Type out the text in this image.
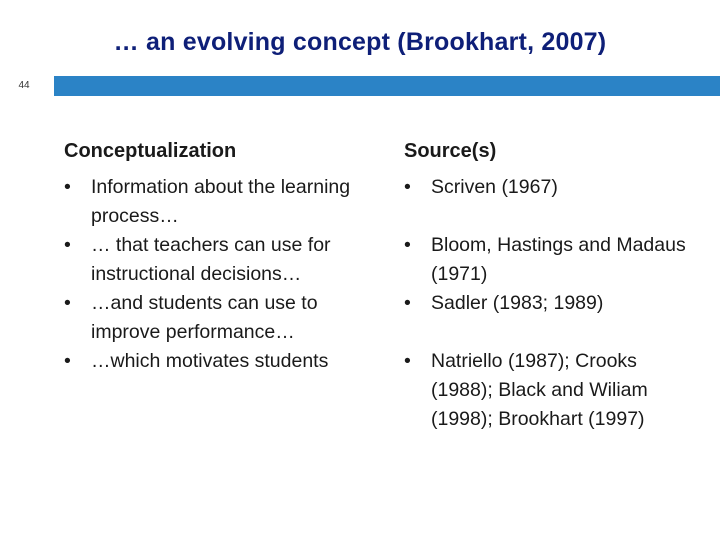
… an evolving concept (Brookhart, 2007)
44
Conceptualization
•	Information about the learning process…
•	… that teachers can use for instructional decisions…
•	…and students can use to improve performance…
•	…which motivates students
Source(s)
•	Scriven (1967)
•	Bloom, Hastings and Madaus (1971)
•	Sadler (1983; 1989)
•	Natriello (1987); Crooks (1988); Black and Wiliam (1998); Brookhart (1997)
